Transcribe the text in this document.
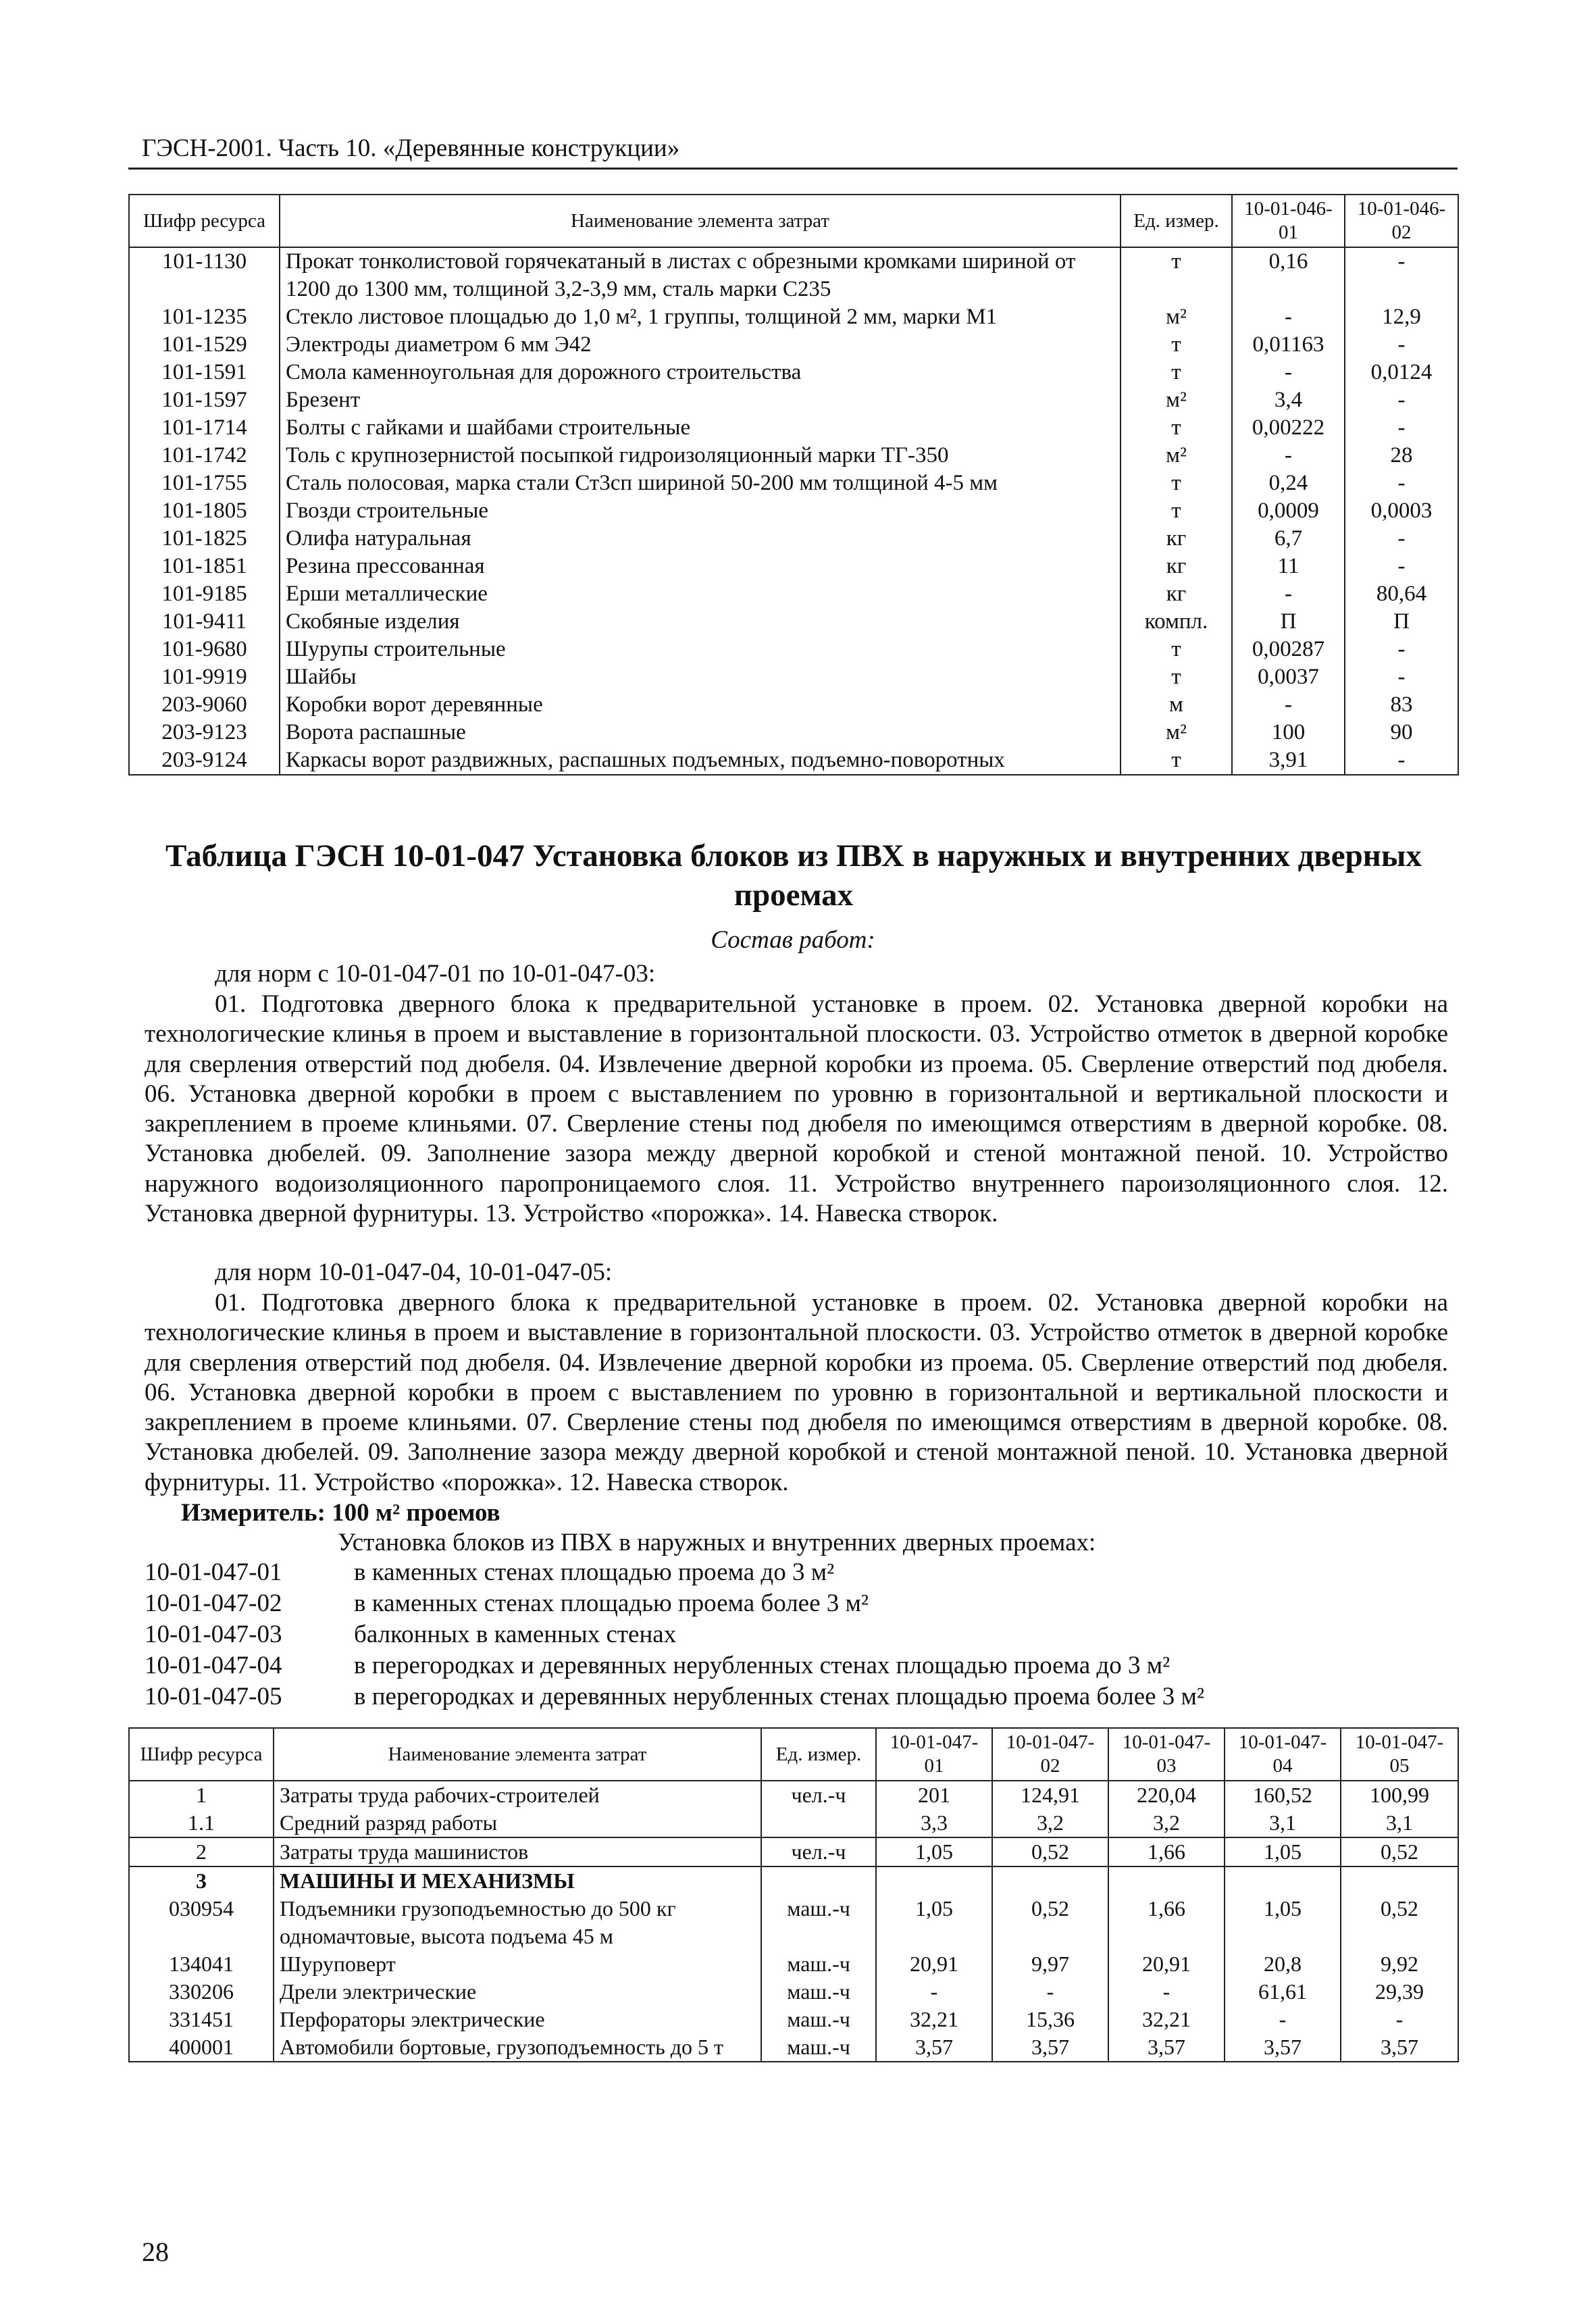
ГЭСН-2001. Часть 10. «Деревянные конструкции»
Шифр ресурса	Наименование элемента затрат	Ед. измер.	10-01-046-01	10-01-046-02
101-1130	Прокат тонколистовой горячекатаный в листах с обрезными кромками шириной от 1200 до 1300 мм, толщиной 3,2-3,9 мм, сталь марки С235	т	0,16	-
101-1235	Стекло листовое площадью до 1,0 м², 1 группы, толщиной 2 мм, марки М1	м²	-	12,9
101-1529	Электроды диаметром 6 мм Э42	т	0,01163	-
101-1591	Смола каменноугольная для дорожного строительства	т	-	0,0124
101-1597	Брезент	м²	3,4	-
101-1714	Болты с гайками и шайбами строительные	т	0,00222	-
101-1742	Толь с крупнозернистой посыпкой гидроизоляционный марки ТГ-350	м²	-	28
101-1755	Сталь полосовая, марка стали Ст3сп шириной 50-200 мм толщиной 4-5 мм	т	0,24	-
101-1805	Гвозди строительные	т	0,0009	0,0003
101-1825	Олифа натуральная	кг	6,7	-
101-1851	Резина прессованная	кг	11	-
101-9185	Ерши металлические	кг	-	80,64
101-9411	Скобяные изделия	компл.	П	П
101-9680	Шурупы строительные	т	0,00287	-
101-9919	Шайбы	т	0,0037	-
203-9060	Коробки ворот деревянные	м	-	83
203-9123	Ворота распашные	м²	100	90
203-9124	Каркасы ворот раздвижных, распашных подъемных, подъемно-поворотных	т	3,91	-
Таблица ГЭСН 10-01-047 Установка блоков из ПВХ в наружных и внутренних дверных проемах
Состав работ:
для норм с 10-01-047-01 по 10-01-047-03:
01. Подготовка дверного блока к предварительной установке в проем. 02. Установка дверной коробки на технологические клинья в проем и выставление в горизонтальной плоскости. 03. Устройство отметок в дверной коробке для сверления отверстий под дюбеля. 04. Извлечение дверной коробки из проема. 05. Сверление отверстий под дюбеля. 06. Установка дверной коробки в проем с выставлением по уровню в горизонтальной и вертикальной плоскости и закреплением в проеме клиньями. 07. Сверление стены под дюбеля по имеющимся отверстиям в дверной коробке. 08. Установка дюбелей. 09. Заполнение зазора между дверной коробкой и стеной монтажной пеной. 10. Устройство наружного водоизоляционного паропроницаемого слоя. 11. Устройство внутреннего пароизоляционного слоя. 12. Установка дверной фурнитуры. 13. Устройство «порожка». 14. Навеска створок.
для норм 10-01-047-04, 10-01-047-05:
01. Подготовка дверного блока к предварительной установке в проем. 02. Установка дверной коробки на технологические клинья в проем и выставление в горизонтальной плоскости. 03. Устройство отметок в дверной коробке для сверления отверстий под дюбеля. 04. Извлечение дверной коробки из проема. 05. Сверление отверстий под дюбеля. 06. Установка дверной коробки в проем с выставлением по уровню в горизонтальной и вертикальной плоскости и закреплением в проеме клиньями. 07. Сверление стены под дюбеля по имеющимся отверстиям в дверной коробке. 08. Установка дюбелей. 09. Заполнение зазора между дверной коробкой и стеной монтажной пеной. 10. Установка дверной фурнитуры. 11. Устройство «порожка». 12. Навеска створок.
Измеритель: 100 м² проемов
Установка блоков из ПВХ в наружных и внутренних дверных проемах:
10-01-047-01	в каменных стенах площадью проема до 3 м²
10-01-047-02	в каменных стенах площадью проема более 3 м²
10-01-047-03	балконных в каменных стенах
10-01-047-04	в перегородках и деревянных нерубленных стенах площадью проема до 3 м²
10-01-047-05	в перегородках и деревянных нерубленных стенах площадью проема более 3 м²
Шифр ресурса	Наименование элемента затрат	Ед. измер.	10-01-047-01	10-01-047-02	10-01-047-03	10-01-047-04	10-01-047-05
1	Затраты труда рабочих-строителей	чел.-ч	201	124,91	220,04	160,52	100,99
1.1	Средний разряд работы		3,3	3,2	3,2	3,1	3,1
2	Затраты труда машинистов	чел.-ч	1,05	0,52	1,66	1,05	0,52
3	МАШИНЫ И МЕХАНИЗМЫ						
030954	Подъемники грузоподъемностью до 500 кг одномачтовые, высота подъема 45 м	маш.-ч	1,05	0,52	1,66	1,05	0,52
134041	Шуруповерт	маш.-ч	20,91	9,97	20,91	20,8	9,92
330206	Дрели электрические	маш.-ч	-	-	-	61,61	29,39
331451	Перфораторы электрические	маш.-ч	32,21	15,36	32,21	-	-
400001	Автомобили бортовые, грузоподъемность до 5 т	маш.-ч	3,57	3,57	3,57	3,57	3,57
28
